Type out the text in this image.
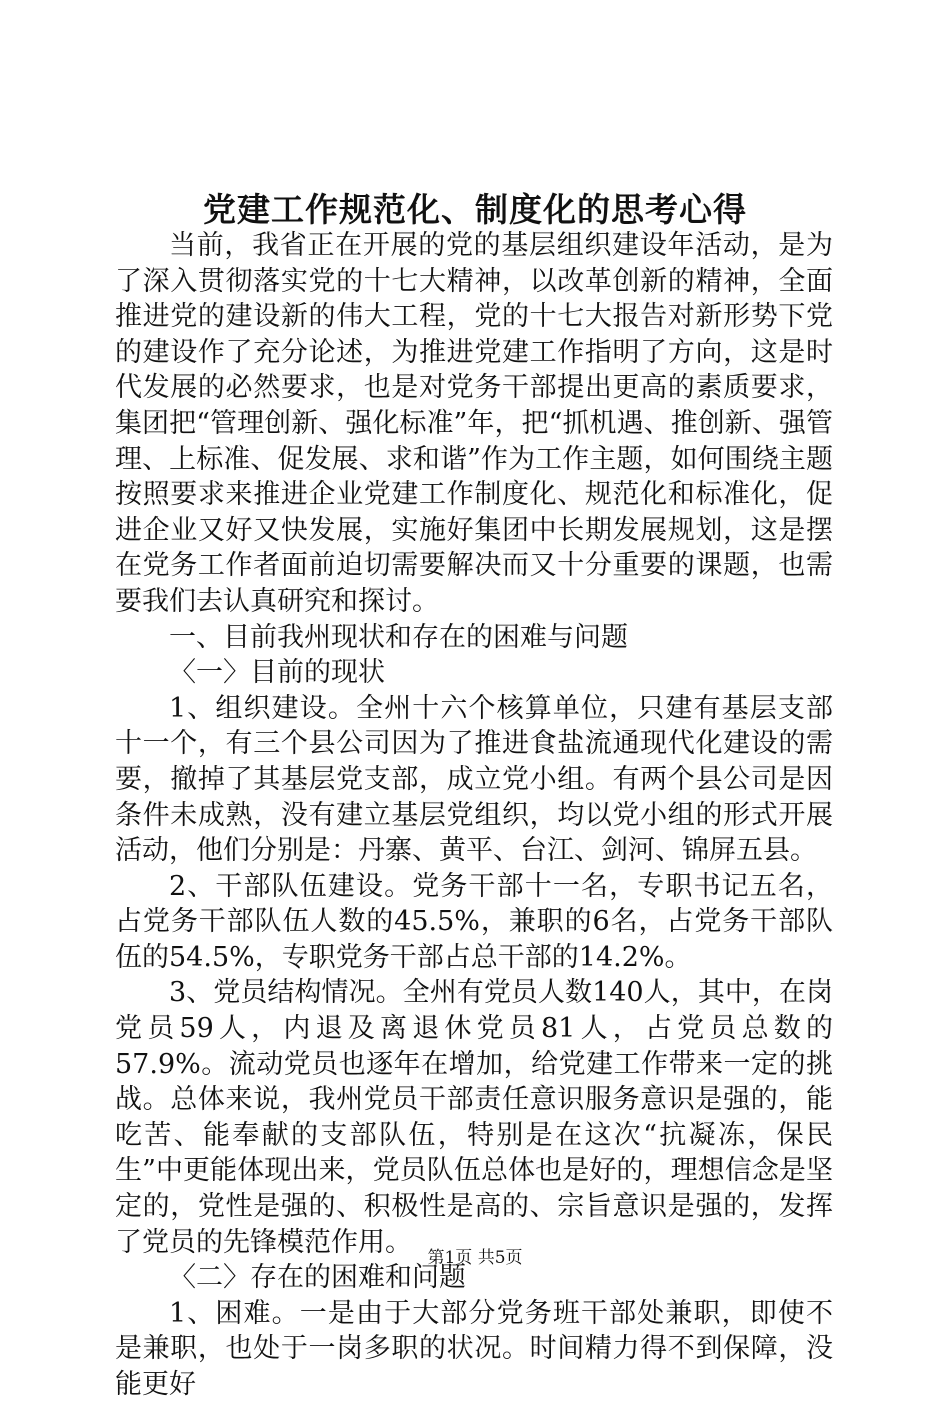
党建工作规范化、制度化的思考心得

当前，我省正在开展的党的基层组织建设年活动，是为了深入贯彻落实党的十七大精神，以改革创新的精神，全面推进党的建设新的伟大工程，党的十七大报告对新形势下党的建设作了充分论述，为推进党建工作指明了方向，这是时代发展的必然要求，也是对党务干部提出更高的素质要求，集团把“管理创新、强化标准”年，把“抓机遇、推创新、强管理、上标准、促发展、求和谐”作为工作主题，如何围绕主题按照要求来推进企业党建工作制度化、规范化和标准化，促进企业又好又快发展，实施好集团中长期发展规划，这是摆在党务工作者面前迫切需要解决而又十分重要的课题，也需要我们去认真研究和探讨。

一、目前我州现状和存在的困难与问题

〈一〉目前的现状

1、组织建设。全州十六个核算单位，只建有基层支部十一个，有三个县公司因为了推进食盐流通现代化建设的需要，撤掉了其基层党支部，成立党小组。有两个县公司是因条件未成熟，没有建立基层党组织，均以党小组的形式开展活动，他们分别是：丹寨、黄平、台江、剑河、锦屏五县。

2、干部队伍建设。党务干部十一名，专职书记五名，占党务干部队伍人数的45.5%，兼职的6名，占党务干部队伍的54.5%，专职党务干部占总干部的14.2%。

3、党员结构情况。全州有党员人数140人，其中，在岗党员59人，内退及离退休党员81人，占党员总数的57.9%。流动党员也逐年在增加，给党建工作带来一定的挑战。总体来说，我州党员干部责任意识服务意识是强的，能吃苦、能奉献的支部队伍，特别是在这次“抗凝冻，保民生”中更能体现出来，党员队伍总体也是好的，理想信念是坚定的，党性是强的、积极性是高的、宗旨意识是强的，发挥了党员的先锋模范作用。

〈二〉存在的困难和问题

1、困难。一是由于大部分党务班干部处兼职，即使不是兼职，也处于一岗多职的状况。时间精力得不到保障，没能更好

第1页 共5页
